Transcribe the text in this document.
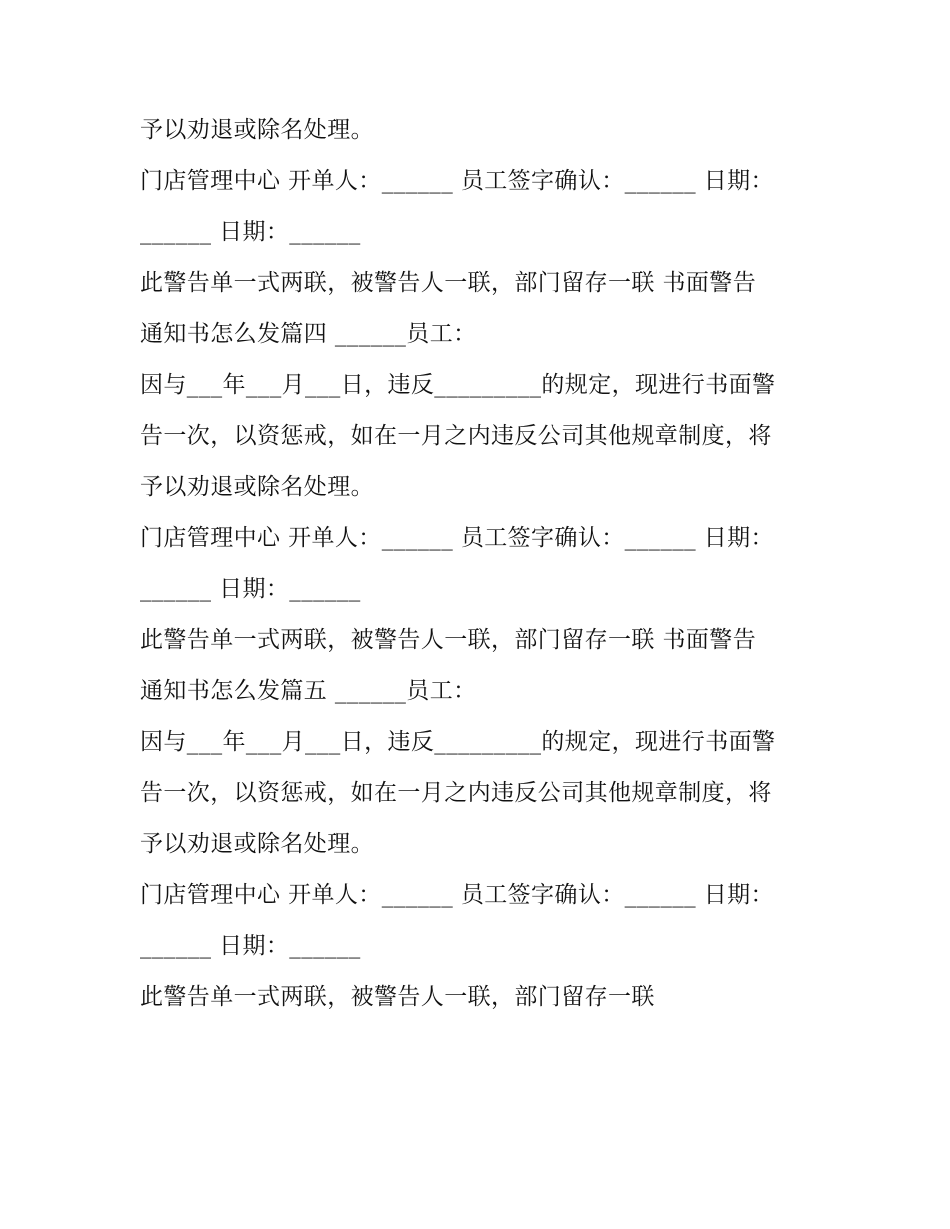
予以劝退或除名处理。
门店管理中心 开单人：______ 员工签字确认：______ 日期：
______ 日期：______
此警告单一式两联，被警告人一联，部门留存一联 书面警告
通知书怎么发篇四 ______员工：
因与___年___月___日，违反_________的规定，现进行书面警
告一次，以资惩戒，如在一月之内违反公司其他规章制度，将
予以劝退或除名处理。
门店管理中心 开单人：______ 员工签字确认：______ 日期：
______ 日期：______
此警告单一式两联，被警告人一联，部门留存一联 书面警告
通知书怎么发篇五 ______员工：
因与___年___月___日，违反_________的规定，现进行书面警
告一次，以资惩戒，如在一月之内违反公司其他规章制度，将
予以劝退或除名处理。
门店管理中心 开单人：______ 员工签字确认：______ 日期：
______ 日期：______
此警告单一式两联，被警告人一联，部门留存一联
